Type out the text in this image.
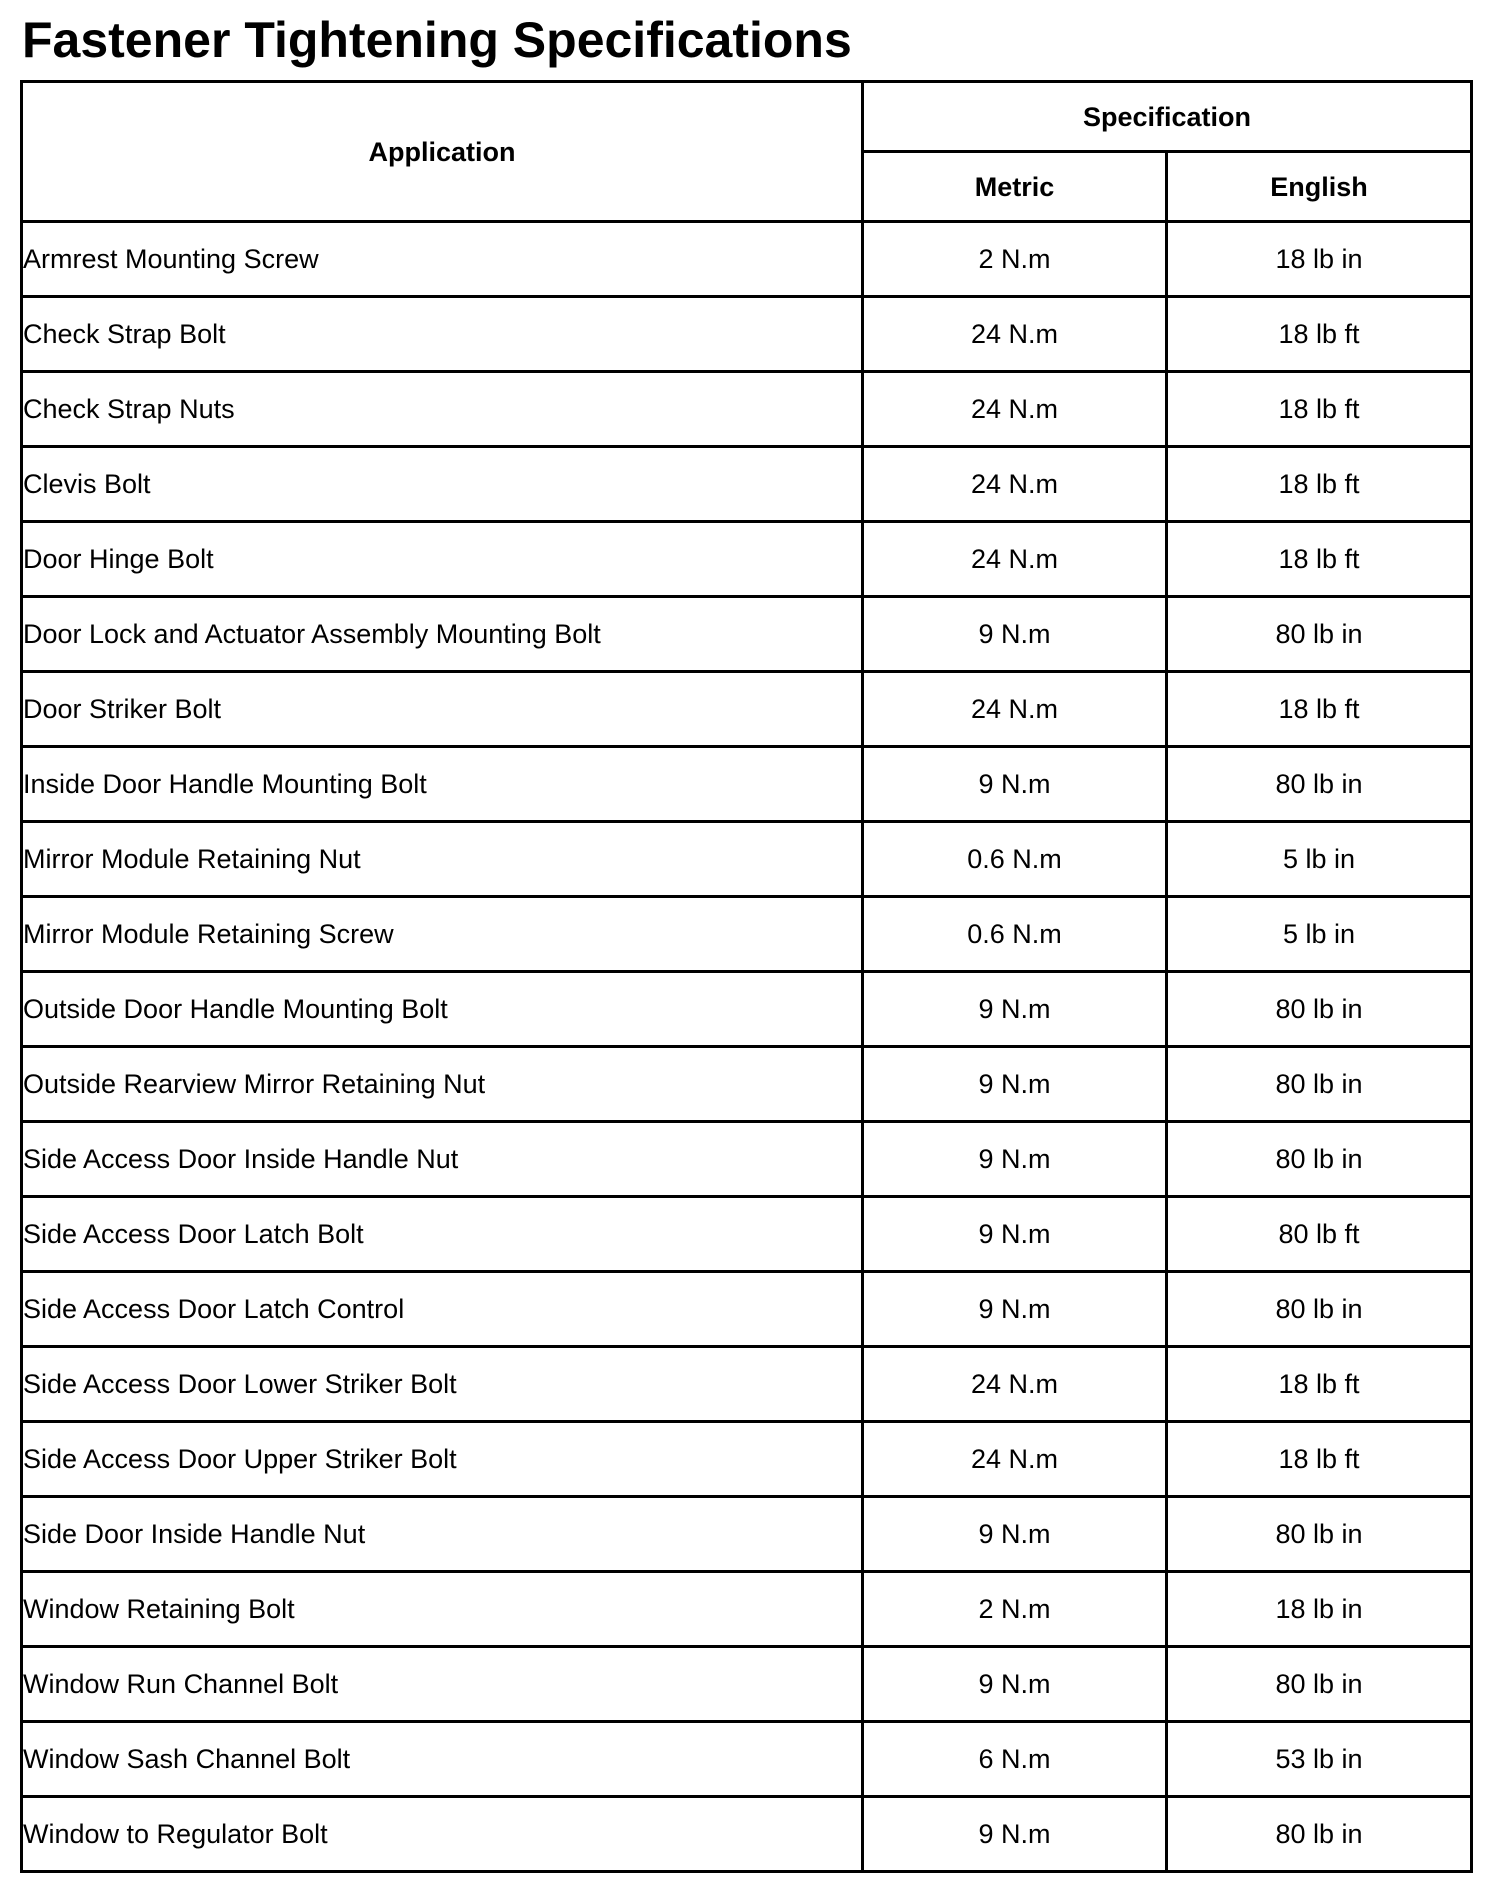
Fastener Tightening Specifications
Application	Specification	
	Metric	English
Armrest Mounting Screw	2 N.m	18 lb in
Check Strap Bolt	24 N.m	18 lb ft
Check Strap Nuts	24 N.m	18 lb ft
Clevis Bolt	24 N.m	18 lb ft
Door Hinge Bolt	24 N.m	18 lb ft
Door Lock and Actuator Assembly Mounting Bolt	9 N.m	80 lb in
Door Striker Bolt	24 N.m	18 lb ft
Inside Door Handle Mounting Bolt	9 N.m	80 lb in
Mirror Module Retaining Nut	0.6 N.m	5 lb in
Mirror Module Retaining Screw	0.6 N.m	5 lb in
Outside Door Handle Mounting Bolt	9 N.m	80 lb in
Outside Rearview Mirror Retaining Nut	9 N.m	80 lb in
Side Access Door Inside Handle Nut	9 N.m	80 lb in
Side Access Door Latch Bolt	9 N.m	80 lb ft
Side Access Door Latch Control	9 N.m	80 lb in
Side Access Door Lower Striker Bolt	24 N.m	18 lb ft
Side Access Door Upper Striker Bolt	24 N.m	18 lb ft
Side Door Inside Handle Nut	9 N.m	80 lb in
Window Retaining Bolt	2 N.m	18 lb in
Window Run Channel Bolt	9 N.m	80 lb in
Window Sash Channel Bolt	6 N.m	53 lb in
Window to Regulator Bolt	9 N.m	80 lb in
